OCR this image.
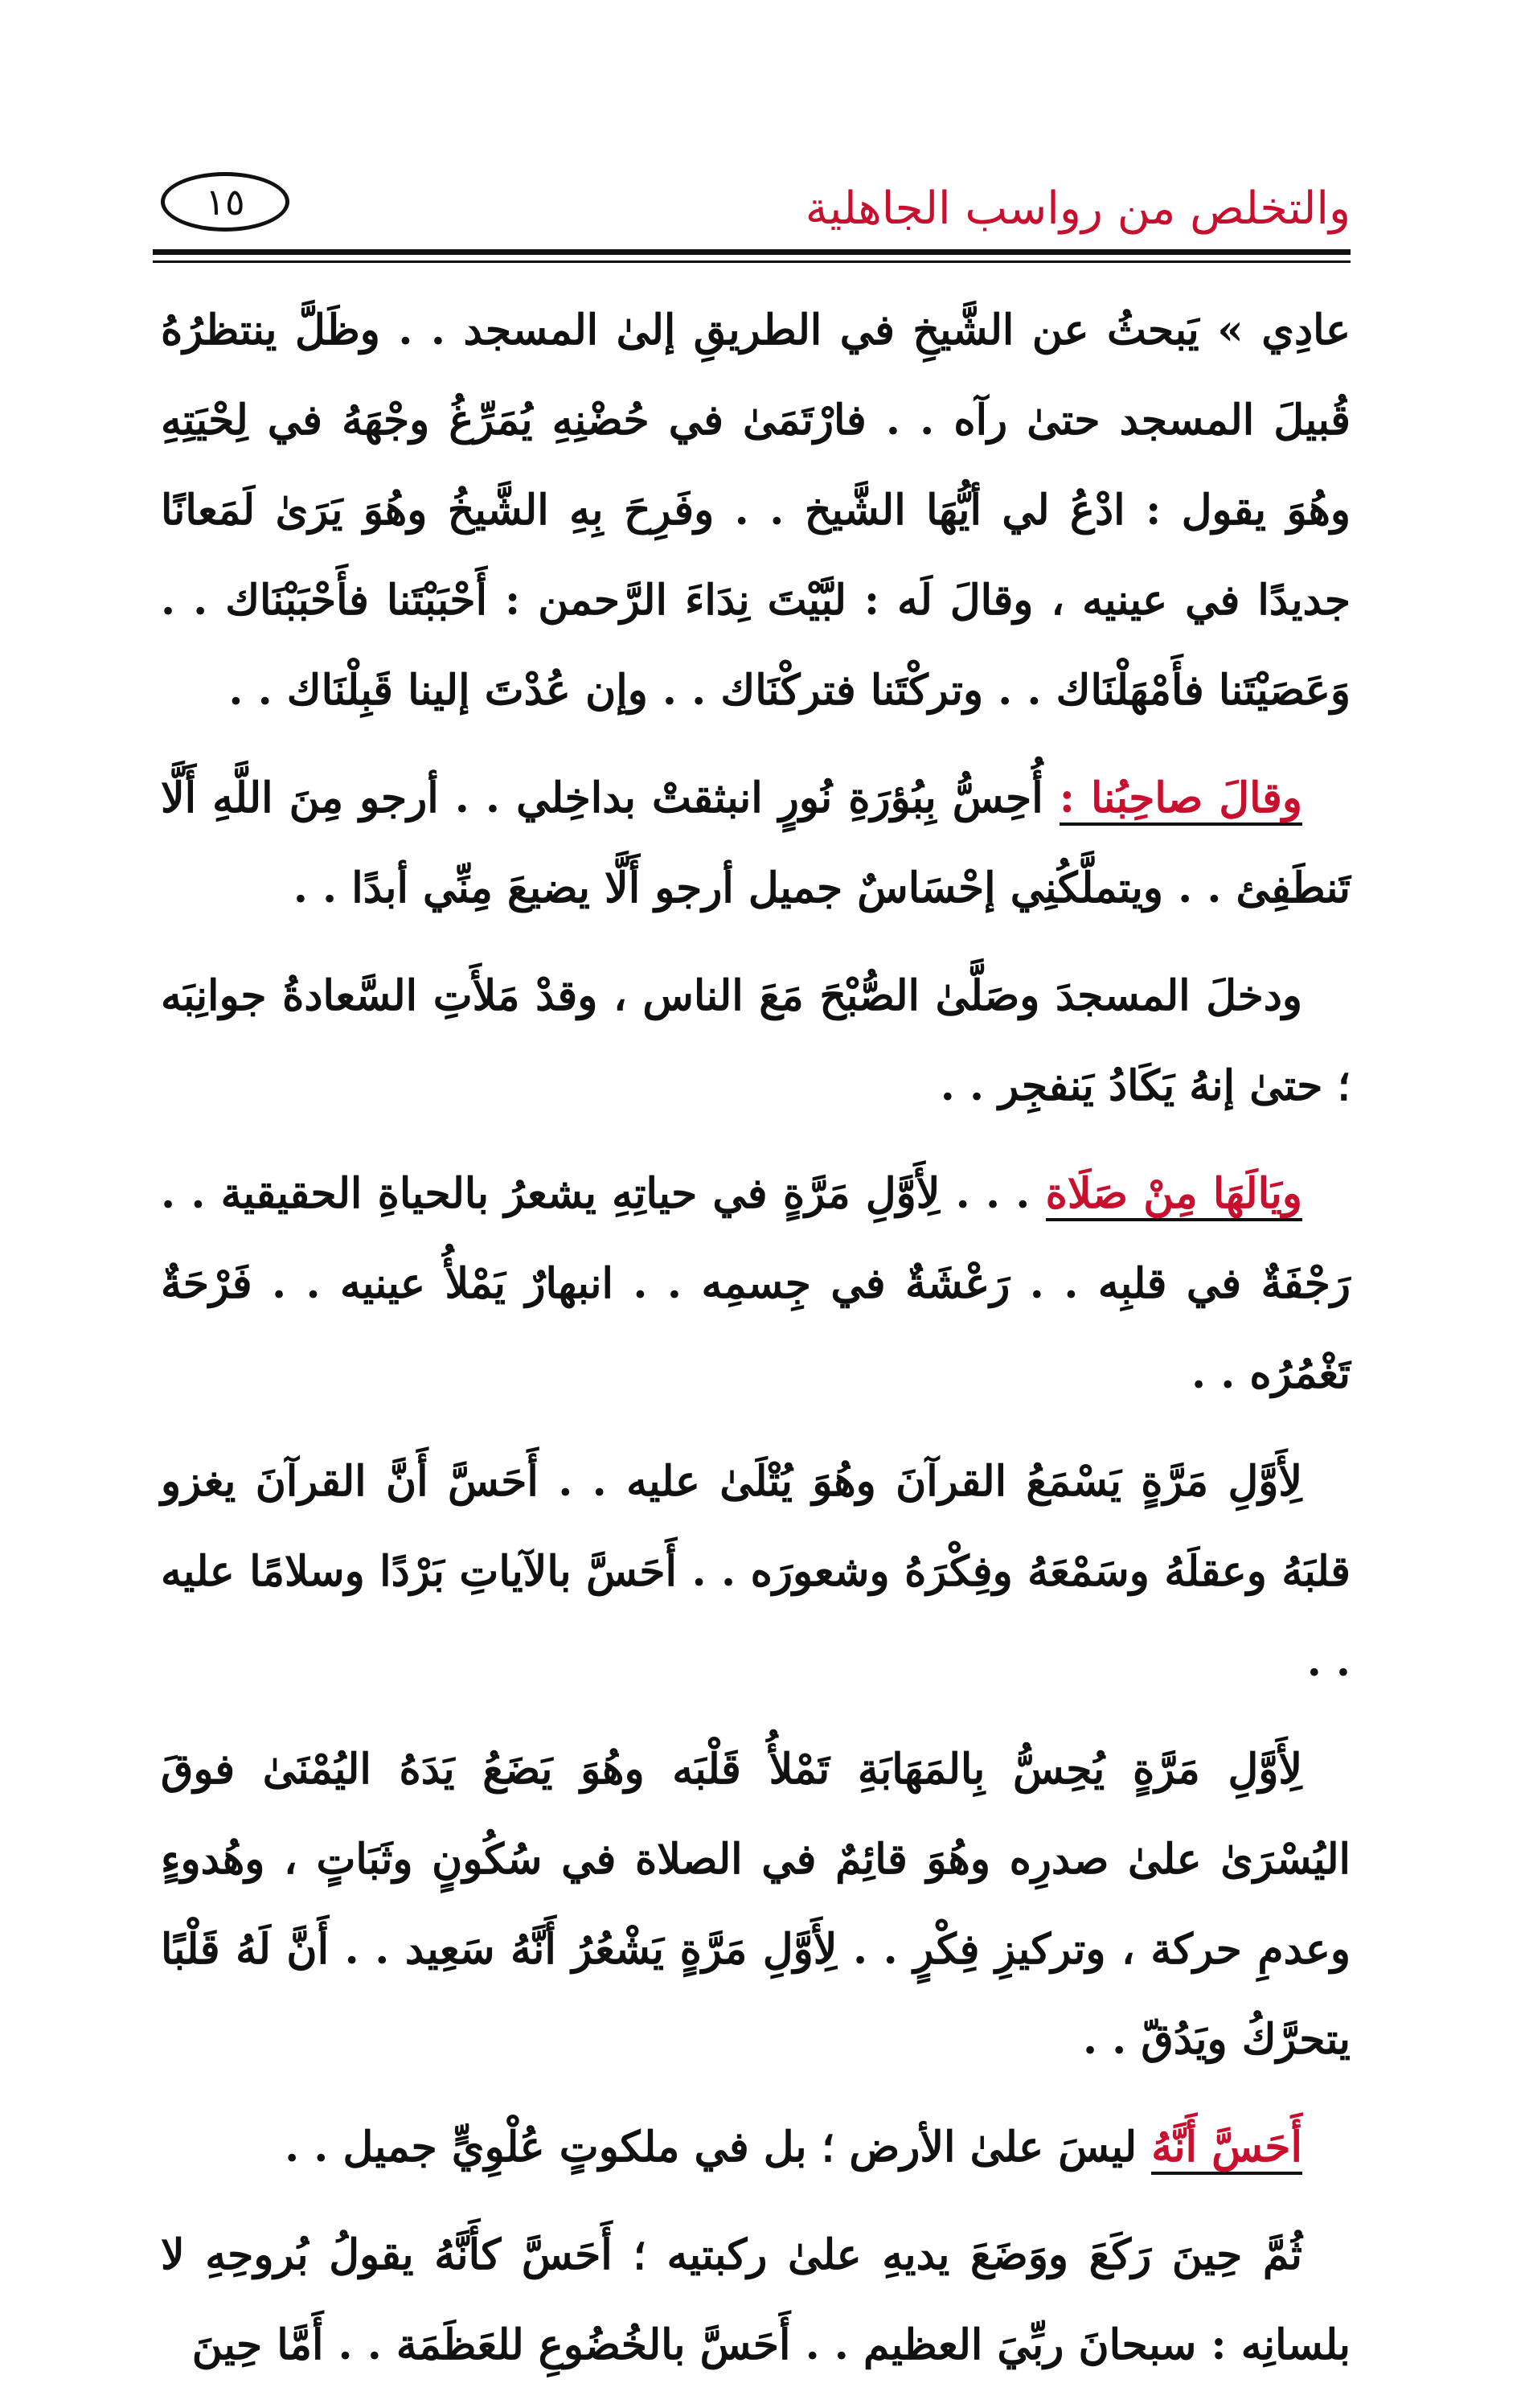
والتخلص من رواسب الجاهلية
١٥

عادِي » يَبحثُ عن الشَّيخِ في الطريقِ إلىٰ المسجد . . وظَلَّ ينتظرُهُ قُبيلَ المسجد حتىٰ رآه . . فارْتَمَىٰ في حُضْنِهِ يُمَرِّغُ وجْهَهُ في لِحْيَتِهِ وهُوَ يقول : ادْعُ لي أيُّهَا الشَّيخ . . وفَرِحَ بِهِ الشَّيخُ وهُوَ يَرَىٰ لَمَعانًا جديدًا في عينيه ، وقالَ لَه : لبَّيْتَ نِدَاءَ الرَّحمن : أَحْبَبْتَنا فأَحْبَبْنَاك . . وَعَصَيْتَنا فأَمْهَلْنَاك . . وتركْتَنا فتركْنَاك . . وإن عُدْتَ إلينا قَبِلْنَاك . .

وقالَ صاحِبُنا : أُحِسُّ بِبُؤرَةِ نُورٍ انبثقتْ بداخِلي . . أرجو مِنَ اللَّهِ أَلَّا تَنطَفِئ . . ويتملَّكُنِي إحْسَاسٌ جميل أرجو أَلَّا يضيعَ مِنِّي أبدًا . .

ودخلَ المسجدَ وصَلَّىٰ الصُّبْحَ مَعَ الناس ، وقدْ مَلأَتِ السَّعادةُ جوانِبَه ؛ حتىٰ إنهُ يَكَادُ يَنفجِر . .

ويَالَهَا مِنْ صَلَاة . . . لِأَوَّلِ مَرَّةٍ في حياتِهِ يشعرُ بالحياةِ الحقيقية . . رَجْفَةٌ في قلبِه . . رَعْشَةٌ في جِسمِه . . انبهارٌ يَمْلأُ عينيه . . فَرْحَةٌ تَغْمُرُه . .

لِأَوَّلِ مَرَّةٍ يَسْمَعُ القرآنَ وهُوَ يُتْلَىٰ عليه . . أَحَسَّ أَنَّ القرآنَ يغزو قلبَهُ وعقلَهُ وسَمْعَهُ وفِكْرَهُ وشعورَه . . أَحَسَّ بالآياتِ بَرْدًا وسلامًا عليه . .

لِأَوَّلِ مَرَّةٍ يُحِسُّ بِالمَهَابَةِ تَمْلأُ قَلْبَه وهُوَ يَضَعُ يَدَهُ اليُمْنَىٰ فوقَ اليُسْرَىٰ علىٰ صدرِه وهُوَ قائِمٌ في الصلاة في سُكُونٍ وثَبَاتٍ ، وهُدوءٍ وعدمِ حركة ، وتركيزِ فِكْرٍ . . لِأَوَّلِ مَرَّةٍ يَشْعُرُ أَنَّهُ سَعِيد . . أَنَّ لَهُ قَلْبًا يتحرَّكُ ويَدُقّ . .

أَحَسَّ أَنَّهُ ليسَ علىٰ الأرض ؛ بل في ملكوتٍ عُلْوِيٍّ جميل . .

ثُمَّ حِينَ رَكَعَ ووَضَعَ يديهِ علىٰ ركبتيه ؛ أَحَسَّ كأَنَّهُ يقولُ بُروحِهِ لا بلسانِه : سبحانَ ربِّيَ العظيم . . أَحَسَّ بالخُضُوعِ للعَظَمَة . . أَمَّا حِينَ
